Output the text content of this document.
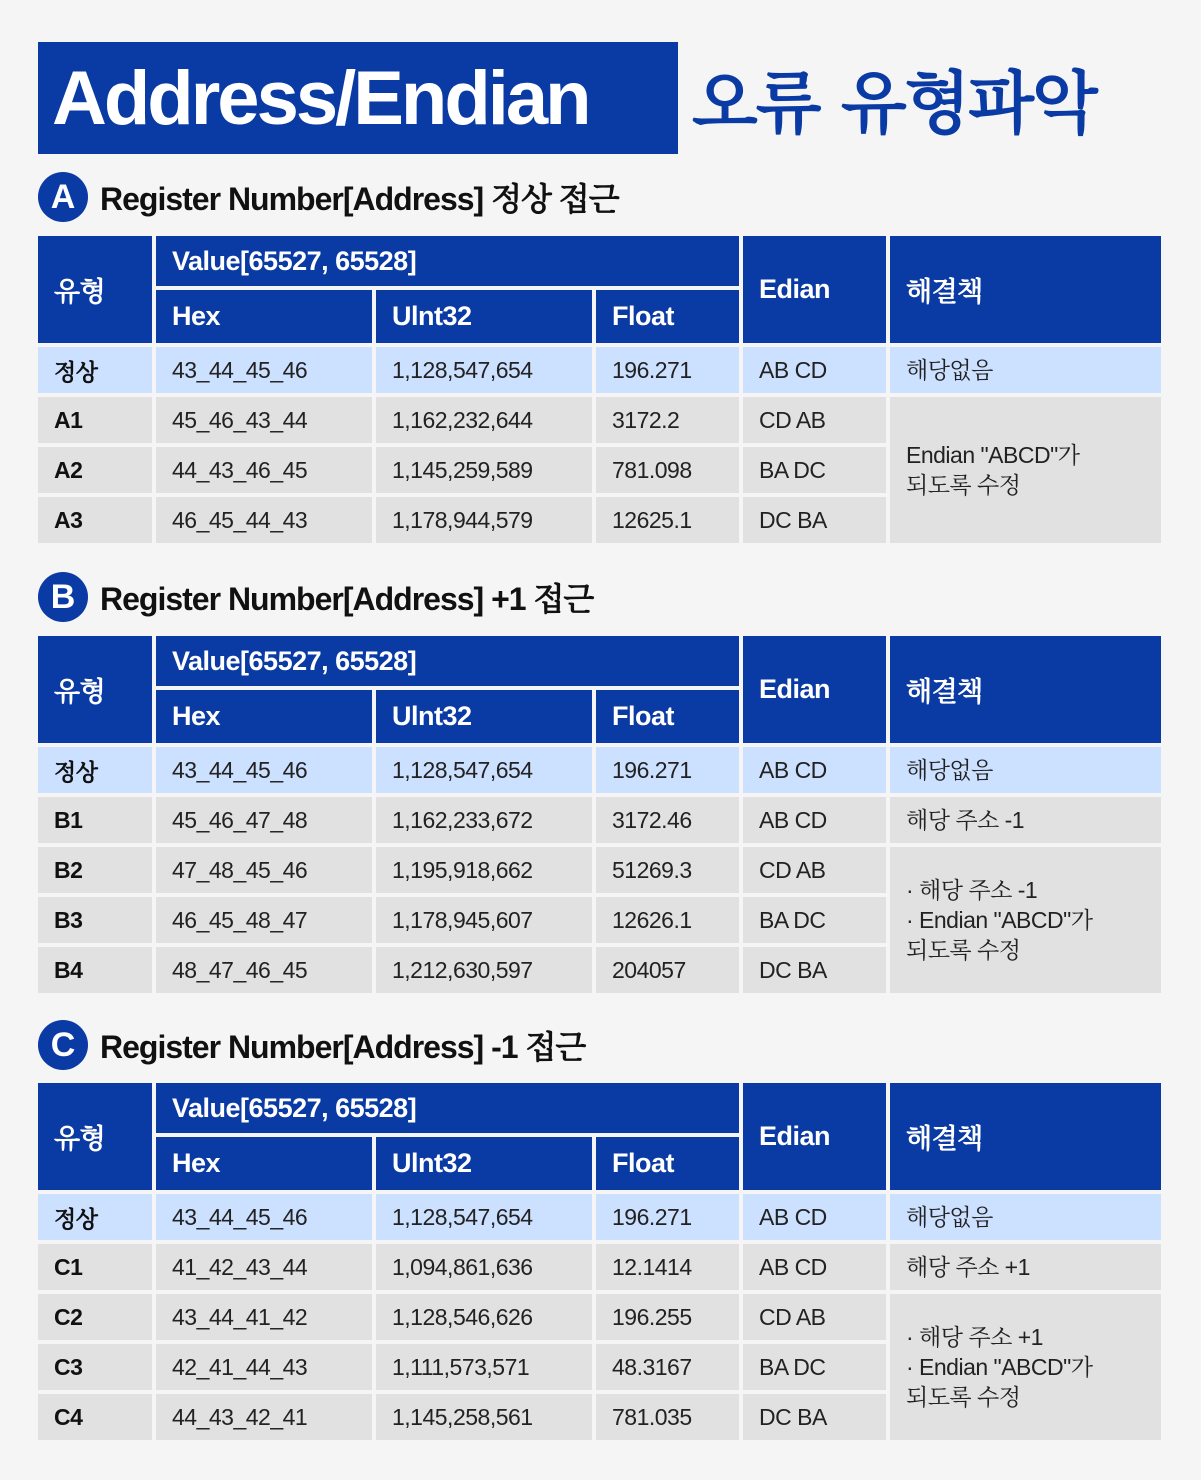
Address/Endian	오류 유형파악
A Register Number[Address] 정상 접근
유형
Value[65527, 65528]
Hex	Ulnt32	Float
Edian	해결책
정상	43_44_45_46	1,128,547,654	196.271	AB CD	해당없음
A1	45_46_43_44	1,162,232,644	3172.2	CD AB
A2	44_43_46_45	1,145,259,589	781.098	BA DC
A3	46_45_44_43	1,178,944,579	12625.1	DC BA
Endian "ABCD"가
되도록 수정
B Register Number[Address] +1 접근
유형
Value[65527, 65528]
Hex	Ulnt32	Float
Edian	해결책
정상	43_44_45_46	1,128,547,654	196.271	AB CD	해당없음
B1	45_46_47_48	1,162,233,672	3172.46	AB CD	해당 주소 -1
B2	47_48_45_46	1,195,918,662	51269.3	CD AB
B3	46_45_48_47	1,178,945,607	12626.1	BA DC
B4	48_47_46_45	1,212,630,597	204057	DC BA
· 해당 주소 -1
· Endian "ABCD"가
되도록 수정
C Register Number[Address] -1 접근
유형
Value[65527, 65528]
Hex	Ulnt32	Float
Edian	해결책
정상	43_44_45_46	1,128,547,654	196.271	AB CD	해당없음
C1	41_42_43_44	1,094,861,636	12.1414	AB CD	해당 주소 +1
C2	43_44_41_42	1,128,546,626	196.255	CD AB
C3	42_41_44_43	1,111,573,571	48.3167	BA DC
C4	44_43_42_41	1,145,258,561	781.035	DC BA
· 해당 주소 +1
· Endian "ABCD"가
되도록 수정
